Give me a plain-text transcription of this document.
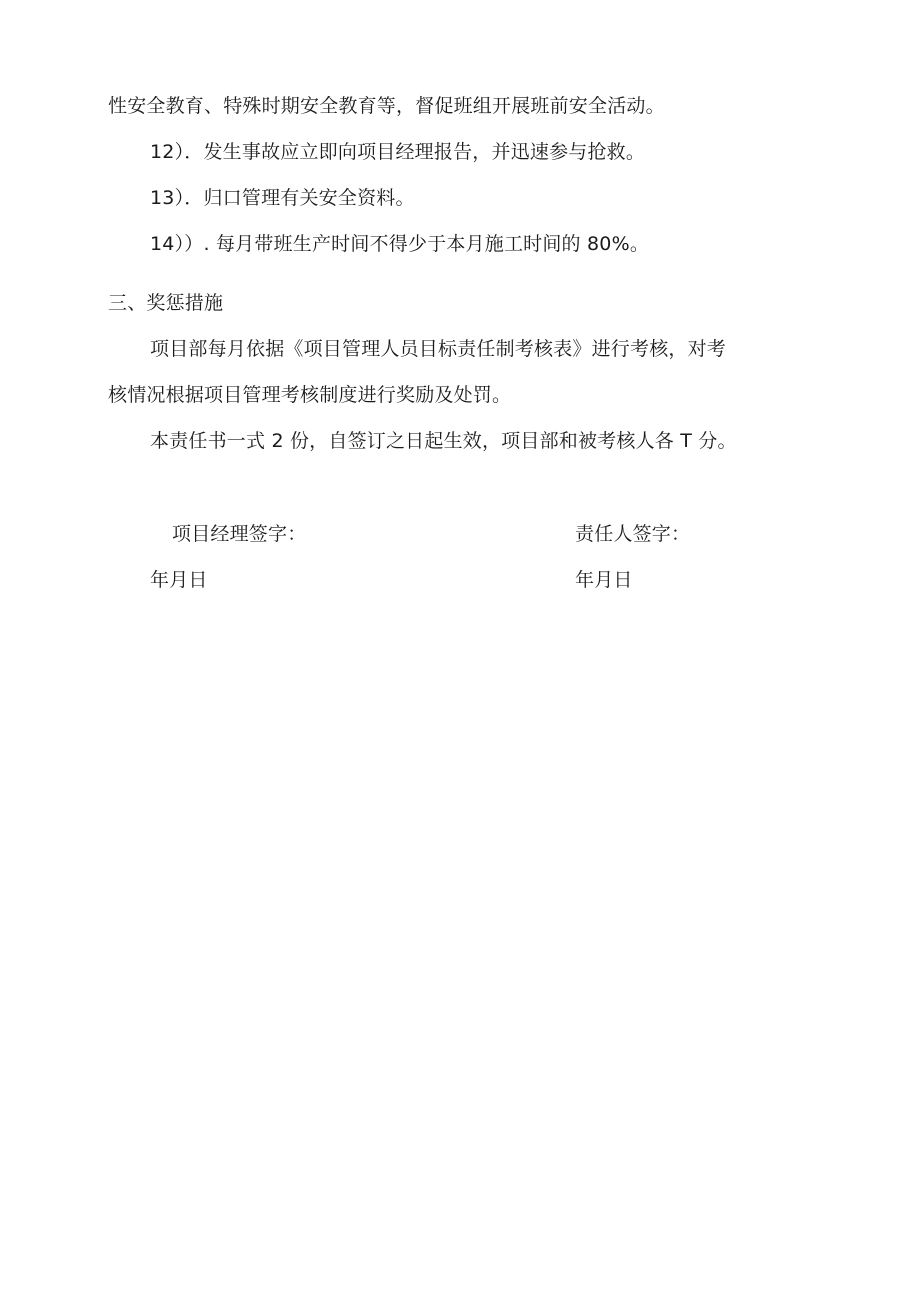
性安全教育、特殊时期安全教育等，督促班组开展班前安全活动。
12）．发生事故应立即向项目经理报告，并迅速参与抢救。
13）．归口管理有关安全资料。
14））. 每月带班生产时间不得少于本月施工时间的 80%。
三、奖惩措施
项目部每月依据《项目管理人员目标责任制考核表》进行考核，对考
核情况根据项目管理考核制度进行奖励及处罚。
本责任书一式 2 份，自签订之日起生效，项目部和被考核人各 T 分。
项目经理签字：	责任人签字：
年月日	年月日
